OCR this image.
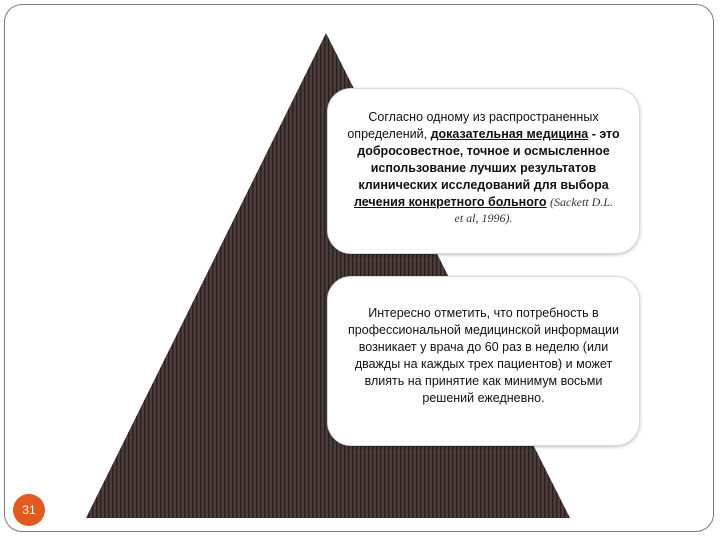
Согласно одному из распространенных
определений, доказательная медицина - это
добросовестное, точное и осмысленное
использование лучших результатов
клинических исследований для выбора
лечения конкретного больного (Sackett D.L.
et al, 1996).
Интересно отметить, что потребность в
профессиональной медицинской информации
возникает у врача до 60 раз в неделю (или
дважды на каждых трех пациентов) и может
влиять на принятие как минимум восьми
решений ежедневно.
31
